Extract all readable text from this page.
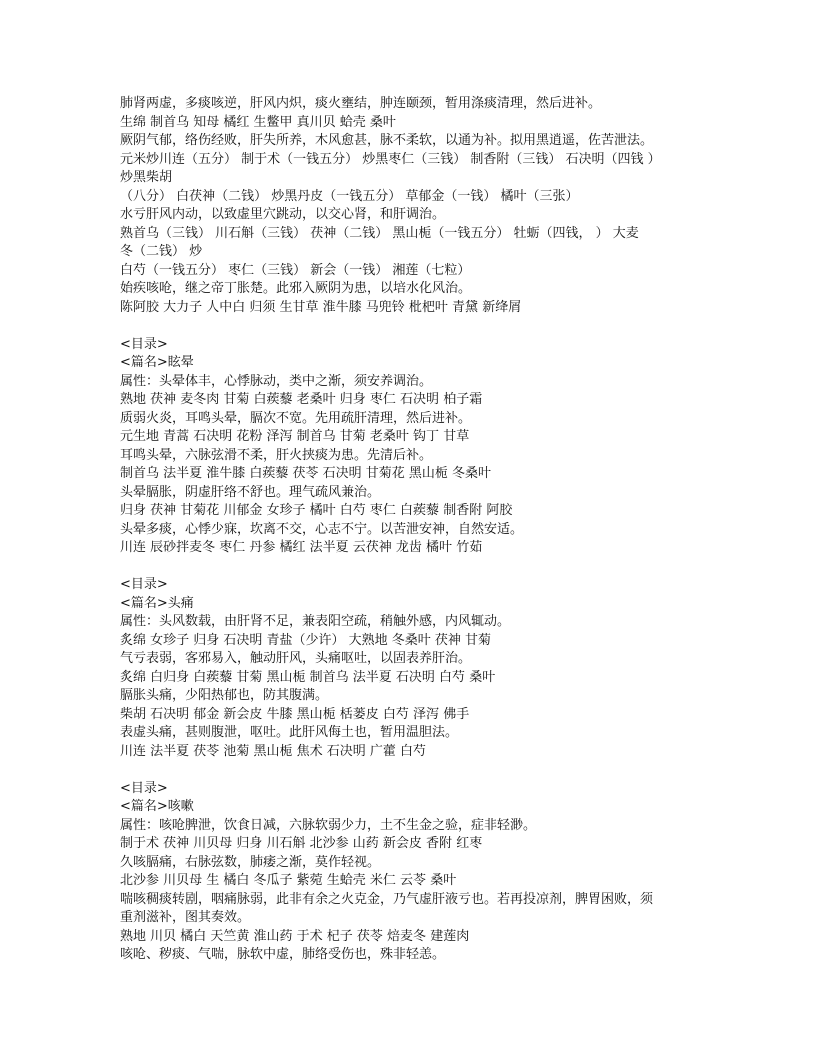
肺肾两虚，多痰咳逆，肝风内炽，痰火壅结，肿连颐颈，暂用涤痰清理，然后进补。
生绵 制首乌 知母 橘红 生鳖甲 真川贝 蛤壳 桑叶
厥阴气郁，络伤经败，肝失所养，木风愈甚，脉不柔软，以通为补。拟用黑逍遥，佐苦泄法。
元米炒川连（五分） 制于术（一钱五分） 炒黑枣仁（三钱） 制香附（三钱） 石决明（四钱 ）
炒黑柴胡
（八分） 白茯神（二钱） 炒黑丹皮（一钱五分） 草郁金（一钱） 橘叶（三张）
水亏肝风内动，以致虚里穴跳动，以交心肾，和肝调治。
熟首乌（三钱） 川石斛（三钱） 茯神（二钱） 黑山栀（一钱五分） 牡蛎（四钱， ） 大麦
冬（二钱） 炒
白芍（一钱五分） 枣仁（三钱） 新会（一钱） 湘莲（七粒）
始疾咳呛，继之帝丁胀楚。此邪入厥阴为患，以培水化风治。
陈阿胶 大力子 人中白 归须 生甘草 淮牛膝 马兜铃 枇杷叶 青黛 新绛屑
<目录>
<篇名>眩晕
属性：头晕体丰，心悸脉动，类中之渐，须安养调治。
熟地 茯神 麦冬肉 甘菊 白蒺藜 老桑叶 归身 枣仁 石决明 柏子霜
质弱火炎，耳鸣头晕，膈次不宽。先用疏肝清理，然后进补。
元生地 青蒿 石决明 花粉 泽泻 制首乌 甘菊 老桑叶 钩丁 甘草
耳鸣头晕，六脉弦滑不柔，肝火挟痰为患。先清后补。
制首乌 法半夏 淮牛膝 白蒺藜 茯苓 石决明 甘菊花 黑山栀 冬桑叶
头晕膈胀，阴虚肝络不舒也。理气疏风兼治。
归身 茯神 甘菊花 川郁金 女珍子 橘叶 白芍 枣仁 白蒺藜 制香附 阿胶
头晕多痰，心悸少寐，坎离不交，心志不宁。以苦泄安神，自然安适。
川连 辰砂拌麦冬 枣仁 丹参 橘红 法半夏 云茯神 龙齿 橘叶 竹茹
<目录>
<篇名>头痛
属性：头风数载，由肝肾不足，兼表阳空疏，稍触外感，内风辄动。
炙绵 女珍子 归身 石决明 青盐（少许） 大熟地 冬桑叶 茯神 甘菊
气亏表弱，客邪易入，触动肝风，头痛呕吐，以固表养肝治。
炙绵 白归身 白蒺藜 甘菊 黑山栀 制首乌 法半夏 石决明 白芍 桑叶
膈胀头痛，少阳热郁也，防其腹满。
柴胡 石决明 郁金 新会皮 牛膝 黑山栀 栝蒌皮 白芍 泽泻 佛手
表虚头痛，甚则腹泄，呕吐。此肝风侮土也，暂用温胆法。
川连 法半夏 茯苓 池菊 黑山栀 焦术 石决明 广藿 白芍
<目录>
<篇名>咳嗽
属性：咳呛脾泄，饮食日减，六脉软弱少力，土不生金之验，症非轻渺。
制于术 茯神 川贝母 归身 川石斛 北沙参 山药 新会皮 香附 红枣
久咳膈痛，右脉弦数，肺痿之渐，莫作轻视。
北沙参 川贝母 生 橘白 冬瓜子 紫菀 生蛤壳 米仁 云苓 桑叶
喘咳稠痰转剧，咽痛脉弱，此非有余之火克金，乃气虚肝液亏也。若再投凉剂，脾胃困败，须
重剂滋补，图其奏效。
熟地 川贝 橘白 天竺黄 淮山药 于术 杞子 茯苓 焙麦冬 建莲肉
咳呛、秽痰、气喘，脉软中虚，肺络受伤也，殊非轻恙。
